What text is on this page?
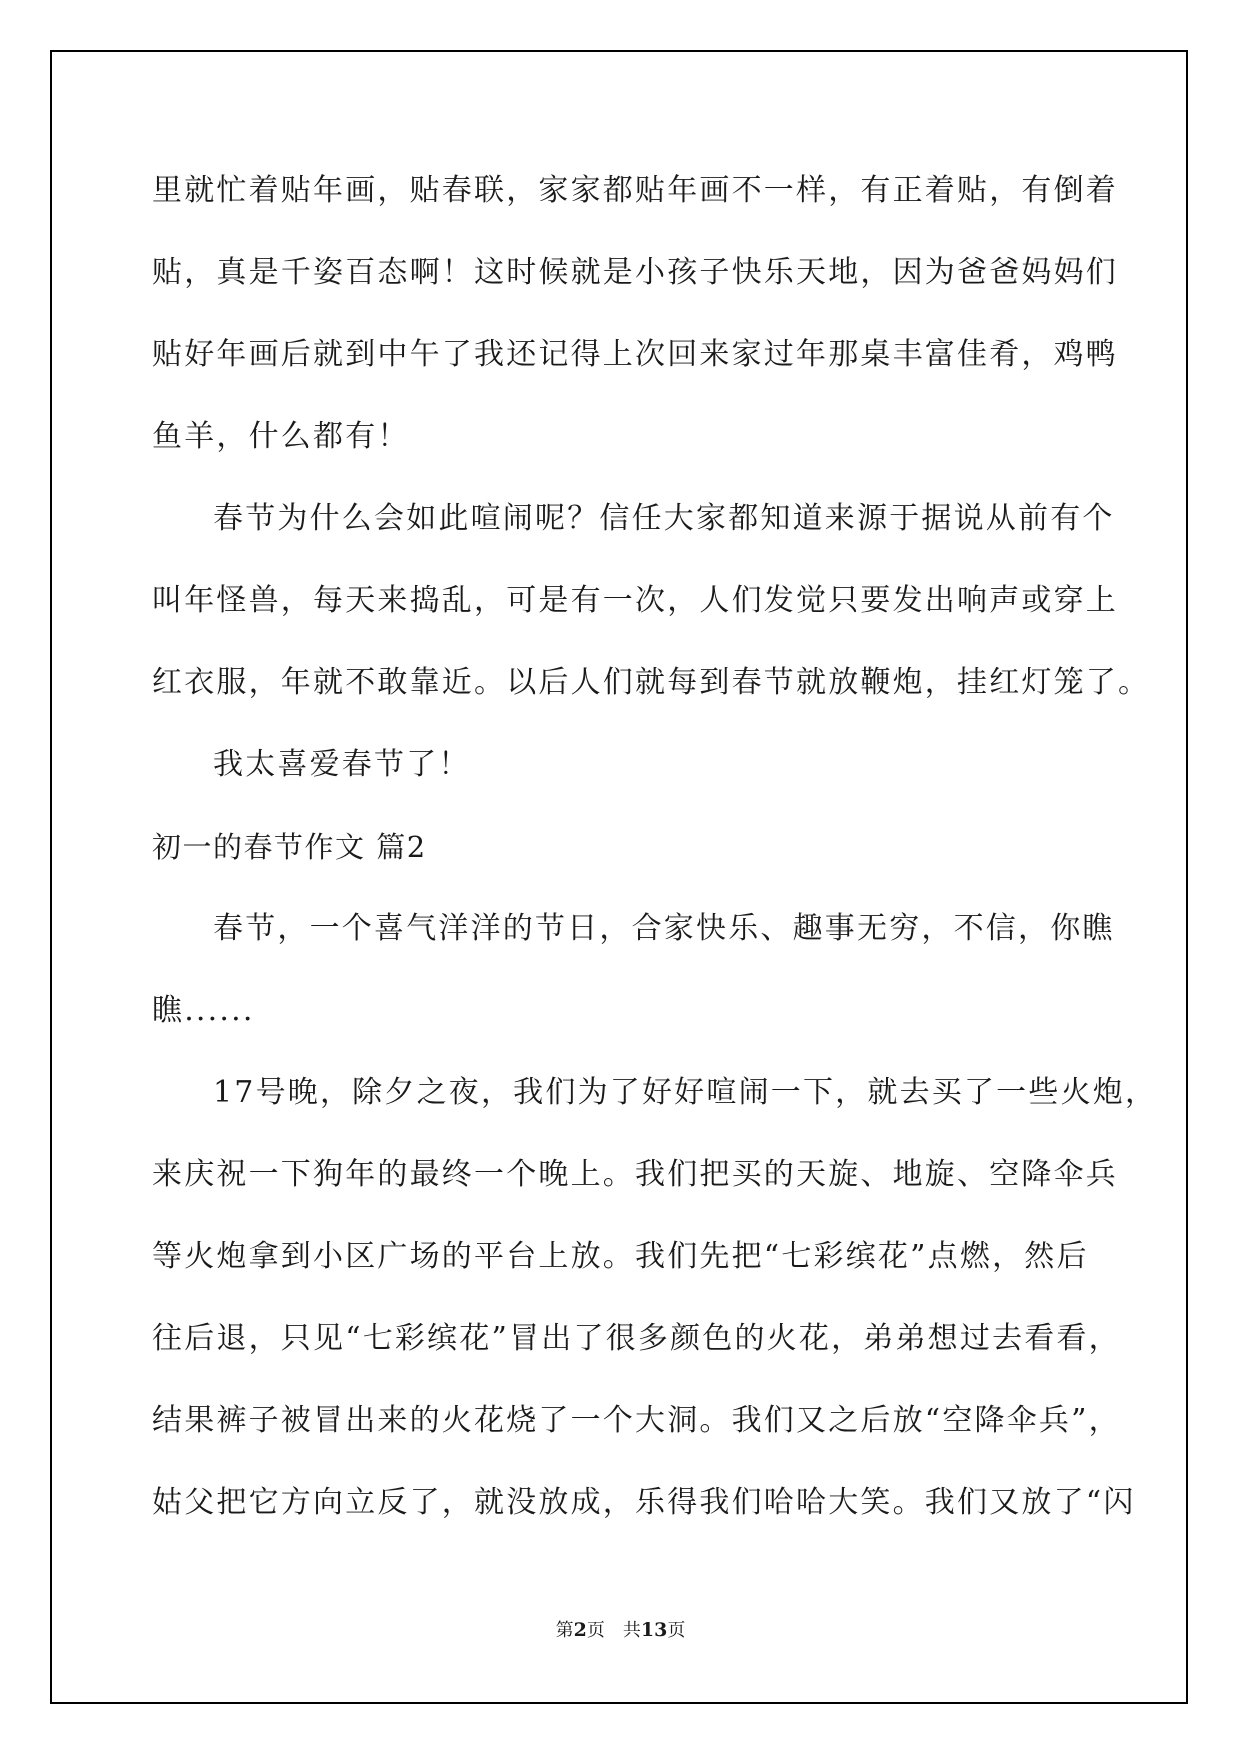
里就忙着贴年画，贴春联，家家都贴年画不一样，有正着贴，有倒着
贴，真是千姿百态啊！这时候就是小孩子快乐天地，因为爸爸妈妈们
贴好年画后就到中午了我还记得上次回来家过年那桌丰富佳肴，鸡鸭
鱼羊，什么都有！
春节为什么会如此喧闹呢？信任大家都知道来源于据说从前有个
叫年怪兽，每天来捣乱，可是有一次，人们发觉只要发出响声或穿上
红衣服，年就不敢靠近。以后人们就每到春节就放鞭炮，挂红灯笼了。
我太喜爱春节了！
初一的春节作文 篇2
春节，一个喜气洋洋的节日，合家快乐、趣事无穷，不信，你瞧
瞧......
17号晚，除夕之夜，我们为了好好喧闹一下，就去买了一些火炮，
来庆祝一下狗年的最终一个晚上。我们把买的天旋、地旋、空降伞兵
等火炮拿到小区广场的平台上放。我们先把“七彩缤花”点燃，然后
往后退，只见“七彩缤花”冒出了很多颜色的火花，弟弟想过去看看，
结果裤子被冒出来的火花烧了一个大洞。我们又之后放“空降伞兵”，
姑父把它方向立反了，就没放成，乐得我们哈哈大笑。我们又放了“闪
第2页 共13页
